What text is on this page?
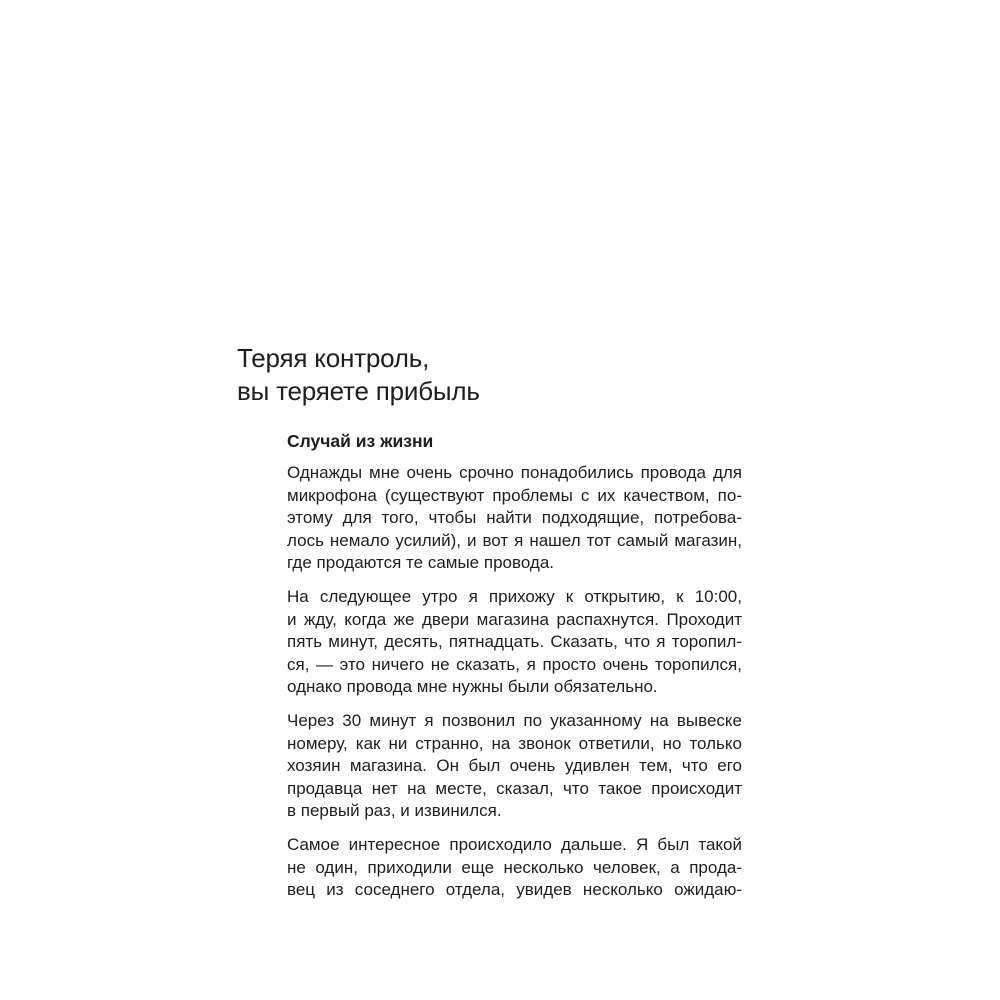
Теряя контроль,
вы теряете прибыль
Случай из жизни
Однажды мне очень срочно понадобились провода для
микрофона (существуют проблемы с их качеством, по-
этому для того, чтобы найти подходящие, потребова-
лось немало усилий), и вот я нашел тот самый магазин,
где продаются те самые провода.
На следующее утро я прихожу к открытию, к 10:00,
и жду, когда же двери магазина распахнутся. Проходит
пять минут, десять, пятнадцать. Сказать, что я торопил-
ся, — это ничего не сказать, я просто очень торопился,
однако провода мне нужны были обязательно.
Через 30 минут я позвонил по указанному на вывеске
номеру, как ни странно, на звонок ответили, но только
хозяин магазина. Он был очень удивлен тем, что его
продавца нет на месте, сказал, что такое происходит
в первый раз, и извинился.
Самое интересное происходило дальше. Я был такой
не один, приходили еще несколько человек, а прода-
вец из соседнего отдела, увидев несколько ожидаю-
